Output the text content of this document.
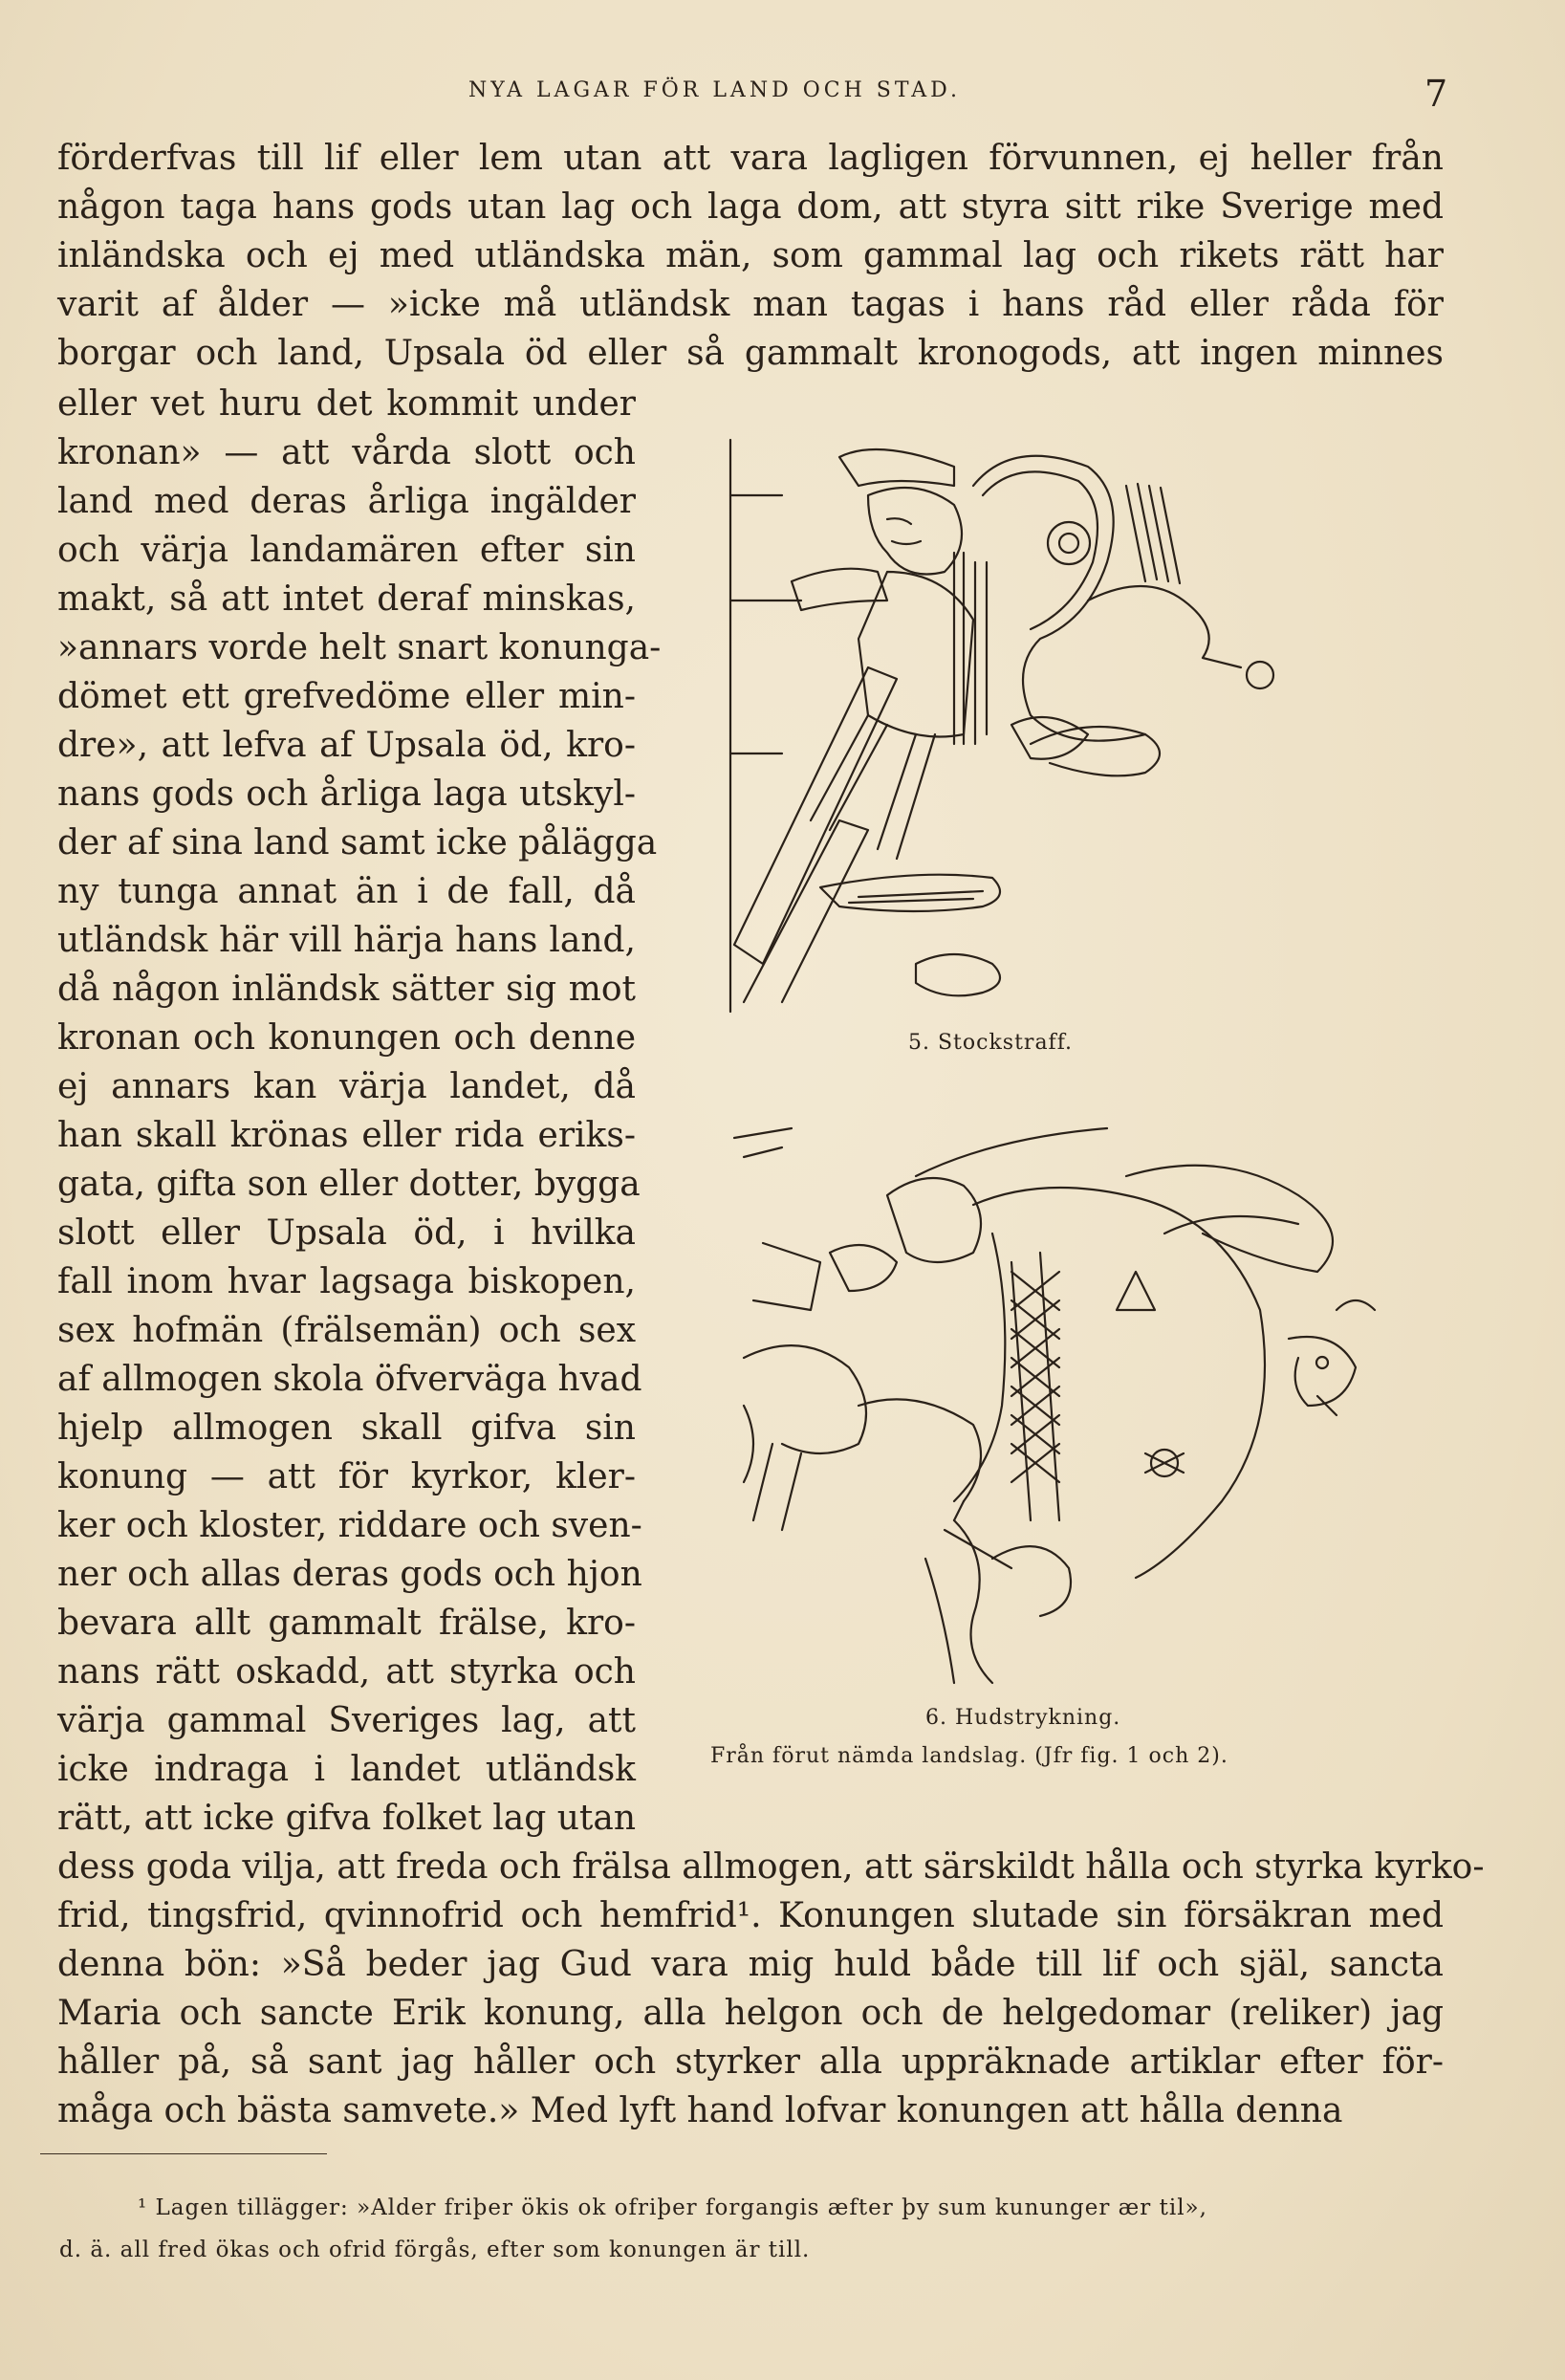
NYA LAGAR FÖR LAND OCH STAD.	7
förderfvas till lif eller lem utan att vara lagligen förvunnen, ej heller från
någon taga hans gods utan lag och laga dom, att styra sitt rike Sverige med
inländska och ej med utländska män, som gammal lag och rikets rätt har
varit af ålder — »icke må utländsk man tagas i hans råd eller råda för
borgar och land, Upsala öd eller så gammalt kronogods, att ingen minnes
eller vet huru det kommit under
kronan» — att vårda slott och
land med deras årliga ingälder
och värja landamären efter sin
makt, så att intet deraf minskas,
»annars vorde helt snart konunga-
dömet ett grefvedöme eller min-
dre», att lefva af Upsala öd, kro-
nans gods och årliga laga utskyl-
der af sina land samt icke pålägga
ny tunga annat än i de fall, då
utländsk här vill härja hans land,
då någon inländsk sätter sig mot
kronan och konungen och denne
ej annars kan värja landet, då
han skall krönas eller rida eriks-
gata, gifta son eller dotter, bygga
slott eller Upsala öd, i hvilka
fall inom hvar lagsaga biskopen,
sex hofmän (frälsemän) och sex
af allmogen skola öfverväga hvad
hjelp allmogen skall gifva sin
konung — att för kyrkor, kler-
ker och kloster, riddare och sven-
ner och allas deras gods och hjon
bevara allt gammalt frälse, kro-
nans rätt oskadd, att styrka och
värja gammal Sveriges lag, att
icke indraga i landet utländsk
rätt, att icke gifva folket lag utan
dess goda vilja, att freda och frälsa allmogen, att särskildt hålla och styrka kyrko-
frid, tingsfrid, qvinnofrid och hemfrid¹. Konungen slutade sin försäkran med
denna bön: »Så beder jag Gud vara mig huld både till lif och själ, sancta
Maria och sancte Erik konung, alla helgon och de helgedomar (reliker) jag
håller på, så sant jag håller och styrker alla uppräknade artiklar efter för-
måga och bästa samvete.» Med lyft hand lofvar konungen att hålla denna
5. Stockstraff.
6. Hudstrykning.
Från förut nämda landslag. (Jfr fig. 1 och 2).
¹ Lagen tillägger: »Alder friþer ökis ok ofriþer forgangis æfter þy sum kununger ær til»,
d. ä. all fred ökas och ofrid förgås, efter som konungen är till.
